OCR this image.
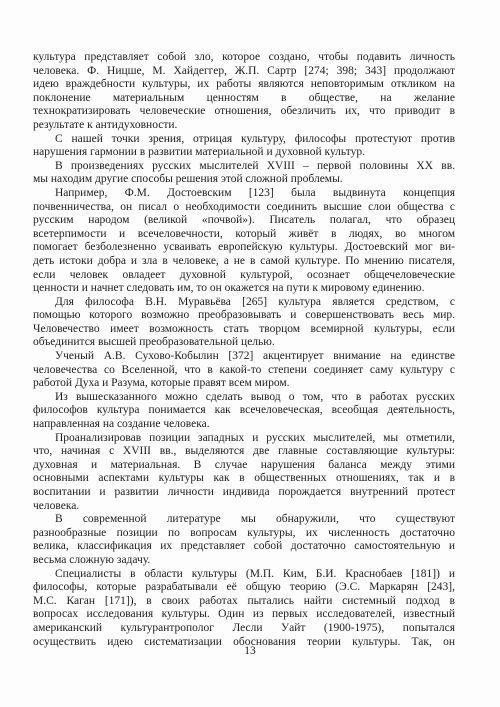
культура представляет собой зло, которое создано, чтобы подавить личность
человека. Ф. Ницше, М. Хайдеггер, Ж.П. Сартр [274; 398; 343] продолжают
идею враждебности культуры, их работы являются неповторимым откликом на
поклонение материальным ценностям в обществе, на желание
технократизировать человеческие отношения, обезличить их, что приводит в
результате к антидуховности.
С нашей точки зрения, отрицая культуру, философы протестуют против
нарушения гармонии в развитии материальной и духовной культур.
В произведениях русских мыслителей XVIII – первой половины XX вв.
мы находим другие способы решения этой сложной проблемы.
Например, Ф.М. Достоевским [123] была выдвинута концепция
почвенничества, он писал о необходимости соединить высшие слои общества с
русским народом (великой «почвой»). Писатель полагал, что образец
всетерпимости и всечеловечности, который живёт в людях, во многом
помогает безболезненно усваивать европейскую культуры. Достоевский мог ви-
деть истоки добра и зла в человеке, а не в самой культуре. По мнению писателя,
если человек овладеет духовной культурой, осознает общечеловеческие
ценности и начнет следовать им, то он окажется на пути к мировому единению.
Для философа В.Н. Муравьёва [265] культура является средством, с
помощью которого возможно преобразовывать и совершенствовать весь мир.
Человечество имеет возможность стать творцом всемирной культуры, если
объединится высшей преобразовательной целью.
Ученый А.В. Сухово-Кобылин [372] акцентирует внимание на единстве
человечества со Вселенной, что в какой-то степени соединяет саму культуру с
работой Духа и Разума, которые правят всем миром.
Из вышесказанного можно сделать вывод о том, что в работах русских
философов культура понимается как всечеловеческая, всеобщая деятельность,
направленная на создание человека.
Проанализировав позиции западных и русских мыслителей, мы отметили,
что, начиная с XVIII вв., выделяются две главные составляющие культуры:
духовная и материальная. В случае нарушения баланса между этими
основными аспектами культуры как в общественных отношениях, так и в
воспитании и развитии личности индивида порождается внутренний протест
человека.
В современной литературе мы обнаружили, что существуют
разнообразные позиции по вопросам культуры, их численность достаточно
велика, классификация их представляет собой достаточно самостоятельную и
весьма сложную задачу.
Специалисты в области культуры (М.П. Ким, Б.И. Краснобаев [181]) и
философы, которые разрабатывали её общую теорию (Э.С. Маркарян [243],
М.С. Каган [171]), в своих работах пытались найти системный подход в
вопросах исследования культуры. Один из первых исследователей, известный
американский культурантрополог Лесли Уайт (1900-1975), попытался
осуществить идею систематизации обоснования теории культуры. Так, он
13
